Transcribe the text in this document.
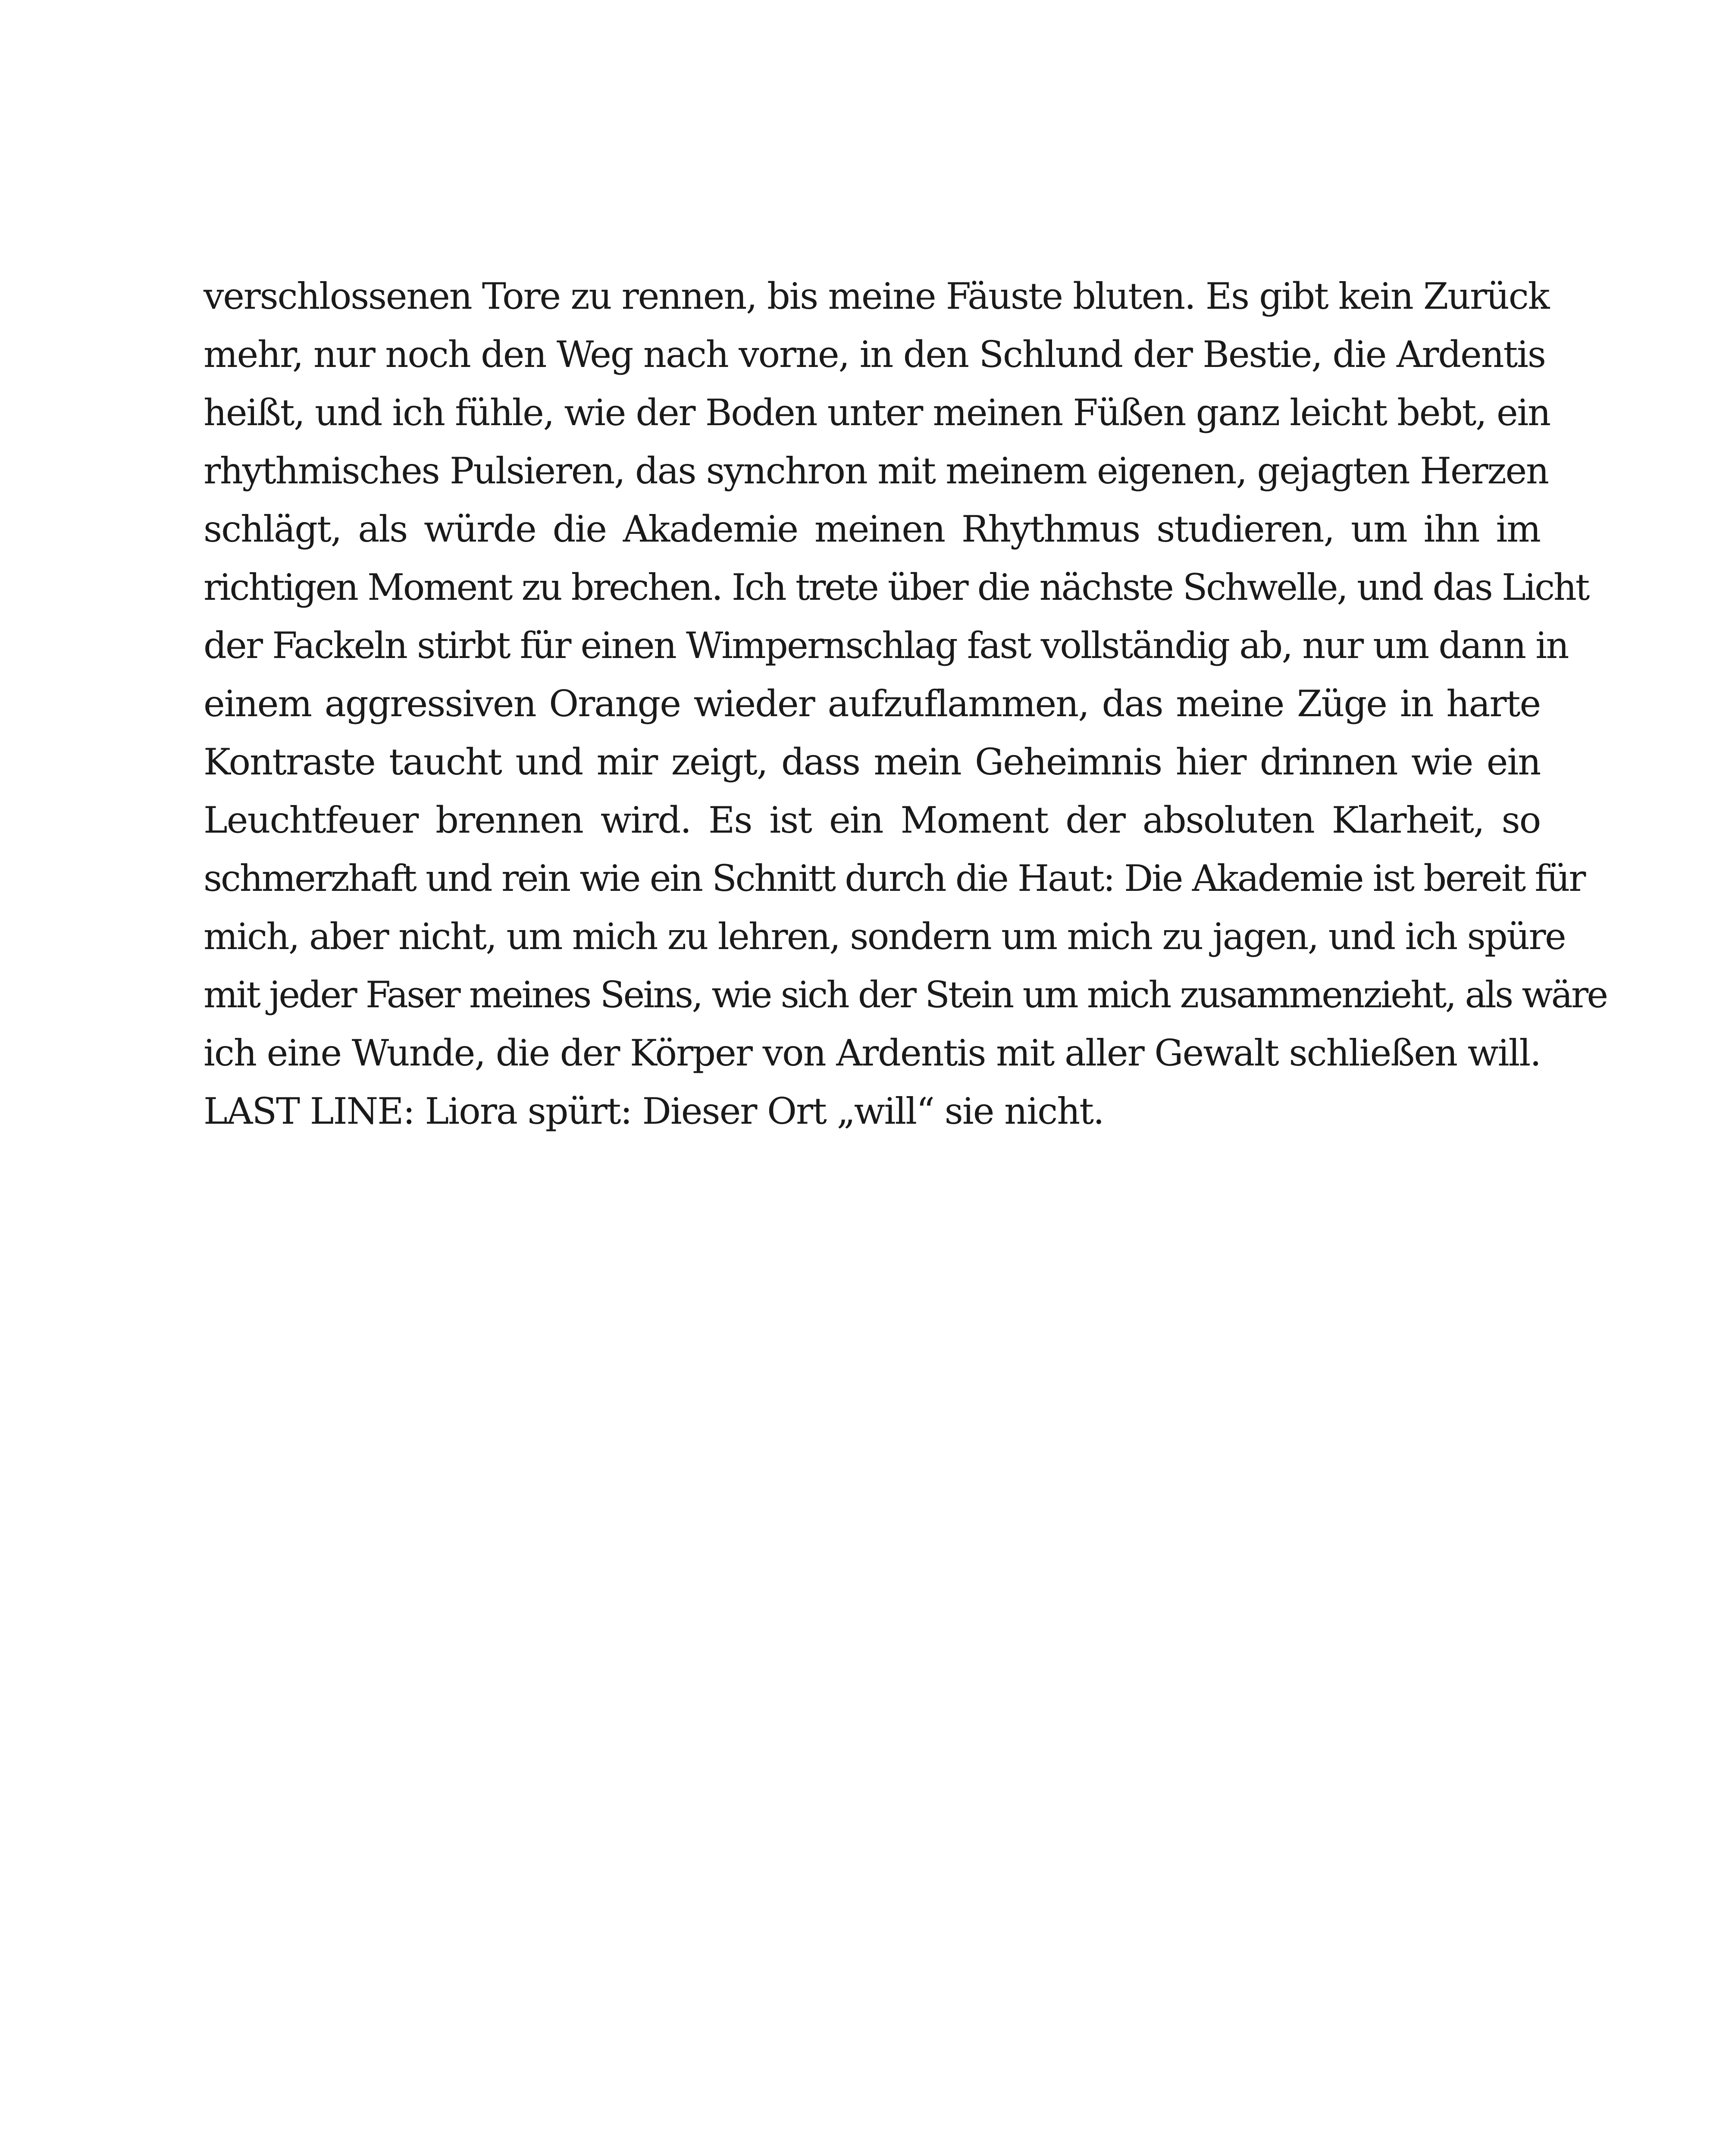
verschlossenen Tore zu rennen, bis meine Fäuste bluten. Es gibt kein Zurück
mehr, nur noch den Weg nach vorne, in den Schlund der Bestie, die Ardentis
heißt, und ich fühle, wie der Boden unter meinen Füßen ganz leicht bebt, ein
rhythmisches Pulsieren, das synchron mit meinem eigenen, gejagten Herzen
schlägt, als würde die Akademie meinen Rhythmus studieren, um ihn im
richtigen Moment zu brechen. Ich trete über die nächste Schwelle, und das Licht
der Fackeln stirbt für einen Wimpernschlag fast vollständig ab, nur um dann in
einem aggressiven Orange wieder aufzuflammen, das meine Züge in harte
Kontraste taucht und mir zeigt, dass mein Geheimnis hier drinnen wie ein
Leuchtfeuer brennen wird. Es ist ein Moment der absoluten Klarheit, so
schmerzhaft und rein wie ein Schnitt durch die Haut: Die Akademie ist bereit für
mich, aber nicht, um mich zu lehren, sondern um mich zu jagen, und ich spüre
mit jeder Faser meines Seins, wie sich der Stein um mich zusammenzieht, als wäre
ich eine Wunde, die der Körper von Ardentis mit aller Gewalt schließen will.
LAST LINE: Liora spürt: Dieser Ort „will“ sie nicht.
